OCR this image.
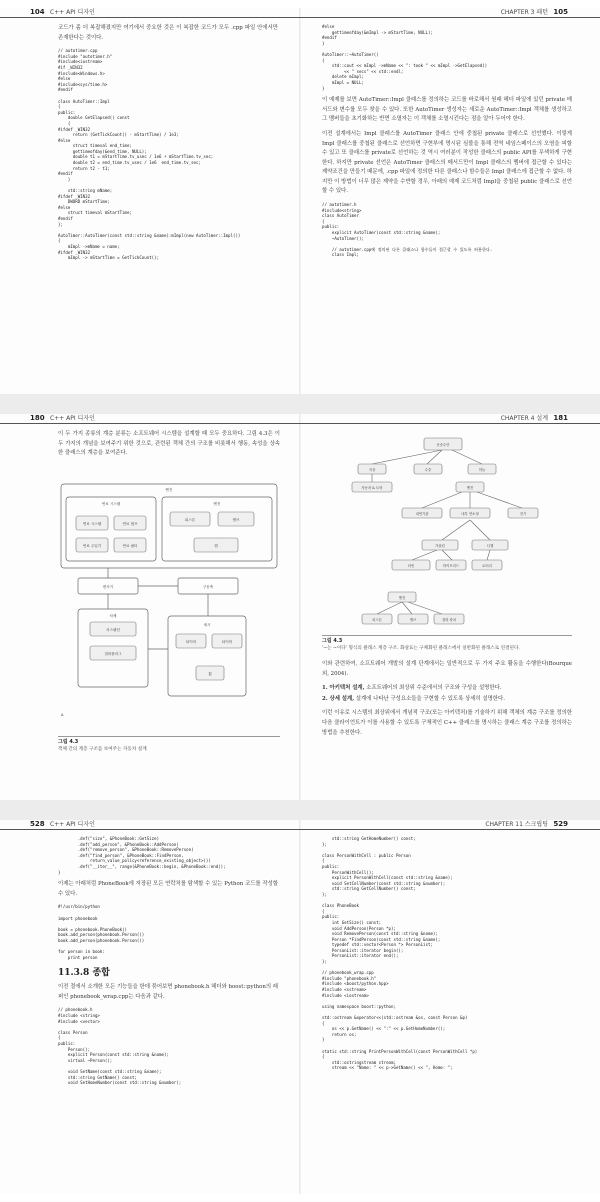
104 C++ API 디자인

코드가 좀 더 복잡해졌지만 여기에서 중요한 것은 이 복잡한 코드가 모두 .cpp 파일 안에서만 존재한다는 것이다.

// autotimer.cpp
#include "autotimer.h"
#include<iostream>
#if _WIN32
#include<Windows.h>
#else
#include<sys/time.h>
#endif

class AutoTimer::Impl
{
public:
double GetElapsed() const
{
#ifdef _WIN32
return (GetTickCount() - mStartTime) / 1e3;
#else
struct timeval end_time;
gettimeofday(&end_time, NULL);
double t1 = mStartTime.tv_usec / 1e6 + mStartTime.tv_sec;
double t2 = end_time.tv_usec / 1e6  end_time.tv_sec;
return t2 - t1;
#endif
}

std::string mName;
#ifdef _WIN32
DWORD mStartTime;
#else
struct timeval mStartTime;
#endif
};

AutoTimer::AutoTimer(const std::string &name):mImpl(new AutoTimer::Impl())
{
mImpl ->mName = name;
#ifdef _WIN32
mImpl -> mStartTime = GetTickCount();
CHAPTER 3 패턴 105
#else
gettimeofday(&mImpl -> mStartTime, NULL);
#endif
}

AutoTimer::~AutoTimer()
{
std::cout << mImpl ->mName << ": took " << mImpl ->GetElapsed()
<< " secs" << std::endl;
delete mImpl;
mImpl = NULL;
}

이 예제를 보면 AutoTimer::Impl 클래스를 정의하는 코드를 바로해서 원래 헤더 파일에 있던 private 메서드와 변수를 모두 찾을 수 있다. 또한 AutoTimer 생성자는 새로운 AutoTimer::Impl 객체를 생성하고 그 멤버들을 초기화하는 반면 소멸자는 이 객체를 소멸시킨다는 점을 알아 두어야 한다.

이전 설계에서는 Impl 클래스를 AutoTimer 클래스 안에 중첩된 private 클래스로 선언했다. 이렇게 Impl 클래스를 중첩된 클래스로 선언하면 구현부에 명시된 심볼을 통해 전역 네임스페이스의 오염을 피할 수 있고 또 클래스를 private로 선언하는 것 역시 여러분이 작성한 클래스의 public API를 무색하게 구현한다. 하지만 private 선언은 AutoTimer 클래스의 메서드만이 Impl 클래스의 멤버에 접근할 수 있다는 제약조건을 만들기 때문에, .cpp 파일에 정의한 다른 클래스나 함수들은 Impl 클래스에 접근할 수 없다. 하지만 이 방법이 너무 많은 제약을 수반할 경우, 아래의 예제 코드처럼 Impl을 중첩된 public 클래스로 선언할 수 있다.

// autotimer.h
#include<string>
class AutoTimer
{
public:
explicit AutoTimer(const std::string &name);
~AutoTimer();

// autotimer.cpp에 정의된 다른 클래스나 함수들이 접근할 수 있도록 허용한다.
class Impl;
180 C++ API 디자인

이 두 가지 종류의 계층 분류는 소프트웨어 시스템을 설계할 때 모두 중요하다. 그림 4.3은 이 두 가지의 개념을 보여주기 위한 것으로, 관련된 객체 간의 구조를 비롯해서 행동, 속성을 상속한 클래스의 계층을 보여준다.

엔진
연료 시스템	엔진
연료 시스템	연료 펌프
연료 주입기	연료 필터
피스톤	밸브
캠
변속기	구동축
차체
서스펜션
점화플러그
섀시
타이어	타이어
휠
A
그림 4.3
객체 간의 계층 구조를 보여주는 자동차 설계
CHAPTER 4 설계 181
운송수단
지상	수중	하늘
자동차 & 트럭	엔진
내연기관	내부 연소형	전기
가솔린	디젤
터빈	하이브리드	로터리
엔진
피스톤	밸브	점화 장치
그림 4.3
'~는 ~이다' 형식의 클래스 계층 구조. 화살표는 구체화된 클래스에서 일반화된 클래스로 연결된다.

이와 관련하여, 소프트웨어 개발의 설계 단계에서는 일반적으로 두 가지 주요 활동을 수행한다(Bourque 외, 2004).

1. 아키텍처 설계, 소프트웨어의 최상위 수준에서의 구조와 구성을 설명한다.

2. 상세 설계, 설계에 나타난 구성요소들을 구현할 수 있도록 상세히 설명한다.

이런 이유로 시스템의 최상위에서 개념적 구조(또는 아키텍처)를 기술하기 위해 객체의 계층 구조를 정의한 다음 클라이언트가 이를 사용할 수 있도록 구체적인 C++ 클래스를 명시하는 클래스 계층 구조를 정의하는 방법을 추천한다.

528 C++ API 디자인
.def("size", &PhoneBook::GetSize)
.def("add_person", &PhoneBook::AddPerson)
.def("remove_person", &PhoneBook::RemovePerson)
.def("find_person", &PhoneBook::FindPerson,
return_value_policy<reference_existing_object>())
.def("__iter__", range(&PhoneBook::begin, &PhoneBook::end));
}

이제는 아래처럼 PhoneBook에 저장된 모든 연락처를 탐색할 수 있는 Python 코드를 작성할 수 있다.

#!/usr/bin/python

import phonebook

book = phonebook.PhoneBook()
book.add_person(phonebook.Person())
book.add_person(phonebook.Person())

for person in book:
print person
11.3.8 종합

이전 절에서 소개한 모든 기능들을 한데 묶어보면 phonebook.h 헤더와 boost::python의 래퍼인 phonebook_wrap.cpp는 다음과 같다.

// phonebook.h
#include <string>
#include <vector>

class Person
{
public:
Person();
explicit Person(const std::string &name);
virtual ~Person();

void SetName(const std::string &name);
std::string GetName() const;
void SetHomeNumber(const std::string &number);
CHAPTER 11 스크립팅 529
std::string GetHomeNumber() const;
};

class PersonWithCell : public Person
{
public:
PersonWithCell();
explicit PersonWithCell(const std::string &name);
void SetCellNumber(const std::string &number);
std::string GetCellNumber() const;
};

class PhoneBook
{
public:
int GetSize() const;
void AddPerson(Person *p);
void RemovePerson(const std::string &name);
Person *FindPerson(const std::string &name);
typedef std::vector<Person *> PersonList;
PersonList::iterator begin();
PersonList::iterator end();
};

// phonebook_wrap.cpp
#include "phonebook.h"
#include <boost/python.hpp>
#include <sstream>
#include <iostream>

using namespace boost::python;

std::ostream &operator<<(std::ostream &os, const Person &p)
{
os << p.GetName() << ":" << p.GetHomeNumber();
return os;
}

static std::string PrintPersonWithCell(const PersonWithCell *p)
{
std::ostringstream stream;
stream << "Name: " << p->GetName() << ", Home: ";
